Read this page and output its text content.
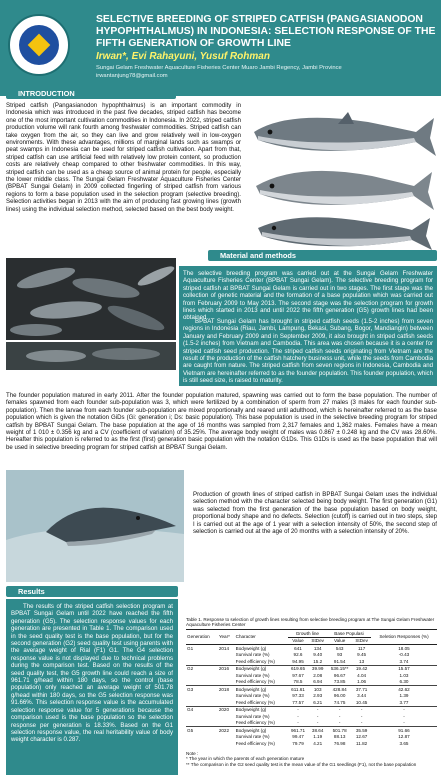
SELECTIVE BREEDING OF STRIPED CATFISH (PANGASIANODON HYPOPHTHALMUS) IN INDONESIA: SELECTION RESPONSE OF THE FIFTH GENERATION OF GROWTH LINE
Irwan*, Evi Rahayuni, Yusuf Rohman
Sungai Gelam Freshwater Aquaculture Fisheries Center Muaro Jambi Regency, Jambi Province
irwantanjung78@gmail.com
INTRODUCTION
Striped catfish (Pangasianodon hypophthalmus) is an important commodity in Indonesia which was introduced in the past five decades, striped catfish has become one of the most important cultivation commodities in Indonesia. In 2022, striped catfish production volume will rank fourth among freshwater commodities. Striped catfish can take oxygen from the air, so they can live and grow relatively well in low-oxygen environments. With these advantages, millions of marginal lands such as swamps or peat swamps in Indonesia can be used for striped catfish cultivation. Apart from that, striped catfish can use artificial feed with relatively low protein content, so production costs are relatively cheap compared to other freshwater commodities. In this way, striped catfish can be used as a cheap source of animal protein for people, especially the lower middle class. The Sungai Gelam Freshwater Aquaculture Fisheries Center (BPBAT Sungai Gelam) in 2009 collected fingerling of striped catfish from various regions to form a base population used in the selection program (selective breeding). Selection activities began in 2013 with the aim of producing fast growing lines (growth lines) using the individual selection method, selected based on the best body weight.
The selective breeding program was carried out at the Sungai Gelam Freshwater Aquaculture Fisheries Center (BPBAT Sungai Gelam). The selective breeding program for striped catfish at BPBAT Sungai Gelam is carried out in two stages. The first stage was the collection of genetic material and the formation of a base population which was carried out from February 2009 to May 2013. The second stage was the selection program for growth lines which started in 2013 and until 2022 the fifth generation (G5) growth lines had been obtained.
BPBAT Sungai Gelam has brought in striped catfish seeds (1.5-2 inches) from seven regions in Indonesia (Riau, Jambi, Lampung, Bekasi, Subang, Bogor, Mandiangin) between January and February 2009 and in September 2009, it also brought in striped catfish seeds (1.5-2 inches) from Vietnam and Cambodia. This area was chosen because it is a center for striped catfish seed production. The striped catfish seeds originating from Vietnam are the result of the production of the catfish hatchery business unit, while the seeds from Cambodia are caught from nature. The striped catfish from seven regions in Indonesia, Cambodia and Vietnam are hereinafter referred to as the founder population. This founder population, which is still seed size, is raised to maturity.
Material and methods
The founder population matured in early 2011. After the founder population matured, spawning was carried out to form the base population. The number of females spawned from each founder sub-population was 3, which were fertilized by a combination of sperm from 27 males (3 males for each founder sub-population). Then the larvae from each founder sub-population are mixed proportionally and reared until adulthood, which is hereinafter referred to as the base population which is given the notation GiDs (Gi: generation i; Ds: basic population). This base population is used in the selective breeding program for striped catfish by BPBAT Sungai Gelam. The base population at the age of 16 months was sampled from 2,317 females and 1,362 males. Females have a mean weight of 1 010 ± 0.356 kg and a CV (coefficient of variation) of 35.25%. The average body weight of males was 0.867 ± 0.248 kg and the CV was 28.60%. Hereafter this population is referred to as the first (first) generation basic population with the notation G1Ds. This G1Ds is used as the base population that will be used in selective breeding program for striped catfish at BPBAT Sungai Gelam.
Production of growth lines of striped catfish in BPBAT Sungai Gelam uses the individual selection method with the character selected being body weight. The first generation (G1) was selected from the first generation of the base population based on body weight, proportional body shape and no defects. Selection (cutoff) is carried out in two steps, step I is carried out at the age of 1 year with a selection intensity of 50%, the second step of selection is carried out at the age of 20 months with a selection intensity of 20%.
Results
The results of the striped catfish selection program at BPBAT Sungai Gelam until 2022 have reached the fifth generation (G5). The selection response values for each generation are presented in Table 1. The comparison used in the seed quality test is the base population, but for the second generation (G2) seed quality test using parents with the average weight of Rial (F1) G1. The G4 selection response value is not displayed due to technical problems during the comparison test. Based on the results of the seed quality test, the G5 growth line could reach a size of 961.71 g/head within 180 days, so the control (base population) only reached an average weight of 501.78 g/head within 180 days, so the G5 selection response was 91.66%. This selection response value is the accumulated selection response value for 5 generations because the comparison used is the base population so the selection response per generation is 18.33%. Based on the G1 selection response value, the real heritability value of body weight character is 0.287.
Table 1. Response to selection of growth lines resulting from selective breeding program at The Sungai Gelam Freshwater Aquaculture Fisheries Center
Generation	Year*	Character	Growth line		Base Populasi		Seletion Responses (%)
			Value	StDev	Value	StDev	
G1	2014	Bodyweight (g)	641	134	543	117	18.05
		Survival rate (%)	92.6	9.40	93	9.45	-0.43
		Feed efficiency (%)	94.95	15.2	91.54	13	3.74
G2	2016	Bodyweight (g)	619.65	39.99	536.15**	19.42	15.57
		Survival rate (%)	97.67	2.08	96.67	4.04	1.03
		Feed efficiency (%)	78.5	6.94	73.85	1.06	6.30
G3	2018	Bodyweight (g)	611.61	103	428.84	37.71	42.62
		Survival rate (%)	97.33	2.93	96.00	3.44	1.39
		Feed efficiency (%)	77.57	6.21	74.75	10.45	3.77
G4	2020	Bodyweight (g)	-	-	-	-	-
		Survival rate (%)	-	-	-	-	-
		Feed efficiency (%)	-	-	-	-	-
G5	2022	Bodyweight (g)	961.71	38.64	501.78	35.59	91.66
		Survival rate (%)	99.47	1.19	88.13	12.67	12.87
		Feed efficiency (%)	79.79	4.21	76.98	11.82	3.65
Note :
* The year in which the parents of each generation mature
** The comparison in the G2 seed quality test is the mean value of the G1 seedlings (F1), not the base population
